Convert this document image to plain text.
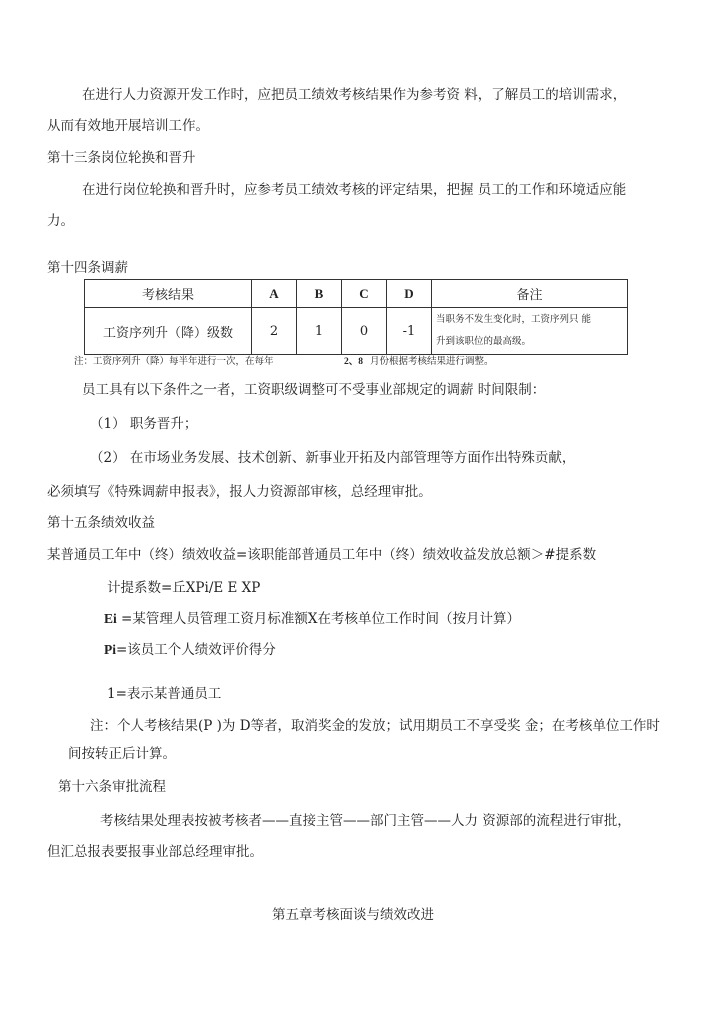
在进行人力资源开发工作时，应把员工绩效考核结果作为参考资 料，了解员工的培训需求，
从而有效地开展培训工作。
第十三条岗位轮换和晋升
在进行岗位轮换和晋升时，应参考员工绩效考核的评定结果，把握 员工的工作和环境适应能
力。
第十四条调薪
考核结果	A	B	C	D	备注
工资序列升（降）级数	2	1	0	-1	当职务不发生变化时，工资序列只 能
升到该职位的最高级。
注：工资序列升（降）每半年进行一次，在每年	2、8 月份根据考核结果进行调整。
员工具有以下条件之一者，工资职级调整可不受事业部规定的调薪 时间限制：
（1） 职务晋升；
（2） 在市场业务发展、技术创新、新事业开拓及内部管理等方面作出特殊贡献，
必须填写《特殊调薪申报表》，报人力资源部审核，总经理审批。
第十五条绩效收益
某普通员工年中（终）绩效收益=该职能部普通员工年中（终）绩效收益发放总额＞#提系数
计提系数=丘XPi/E E XP
Ei =某管理人员管理工资月标准额X在考核单位工作时间（按月计算）
Pi=该员工个人绩效评价得分
1=表示某普通员工
注：个人考核结果(P )为 D等者，取消奖金的发放；试用期员工不享受奖 金；在考核单位工作时
间按转正后计算。
第十六条审批流程
考核结果处理表按被考核者——直接主管——部门主管——人力 资源部的流程进行审批，
但汇总报表要报事业部总经理审批。
第五章考核面谈与绩效改进
